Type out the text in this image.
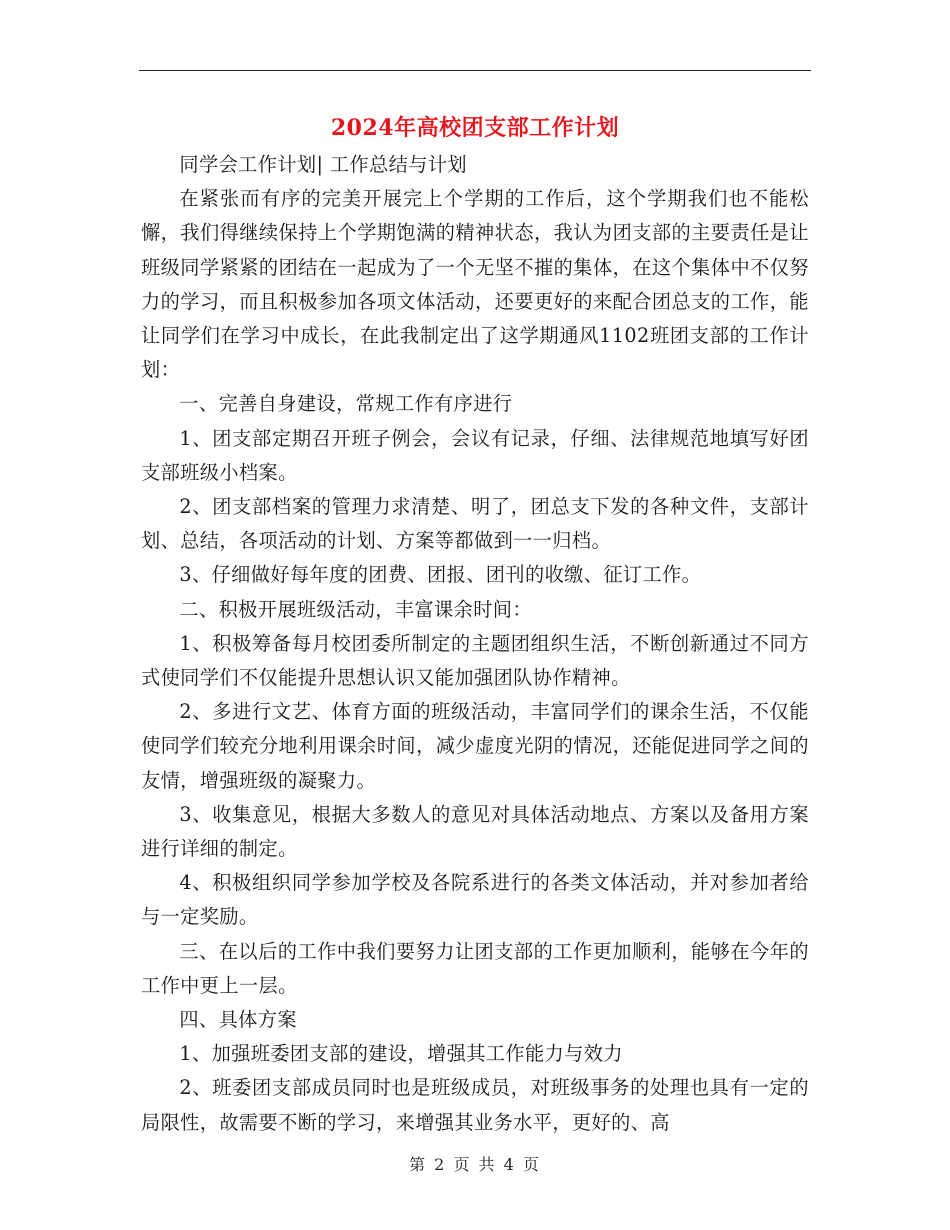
2024年高校团支部工作计划

同学会工作计划| 工作总结与计划

在紧张而有序的完美开展完上个学期的工作后，这个学期我们也不能松懈，我们得继续保持上个学期饱满的精神状态，我认为团支部的主要责任是让班级同学紧紧的团结在一起成为了一个无坚不摧的集体，在这个集体中不仅努力的学习，而且积极参加各项文体活动，还要更好的来配合团总支的工作，能让同学们在学习中成长，在此我制定出了这学期通风1102班团支部的工作计划：

一、完善自身建设，常规工作有序进行

1、团支部定期召开班子例会，会议有记录，仔细、法律规范地填写好团支部班级小档案。

2、团支部档案的管理力求清楚、明了，团总支下发的各种文件，支部计划、总结，各项活动的计划、方案等都做到一一归档。

3、仔细做好每年度的团费、团报、团刊的收缴、征订工作。

二、积极开展班级活动，丰富课余时间：

1、积极筹备每月校团委所制定的主题团组织生活，不断创新通过不同方式使同学们不仅能提升思想认识又能加强团队协作精神。

2、多进行文艺、体育方面的班级活动，丰富同学们的课余生活，不仅能使同学们较充分地利用课余时间，减少虚度光阴的情况，还能促进同学之间的友情，增强班级的凝聚力。

3、收集意见，根据大多数人的意见对具体活动地点、方案以及备用方案进行详细的制定。

4、积极组织同学参加学校及各院系进行的各类文体活动，并对参加者给与一定奖励。

三、在以后的工作中我们要努力让团支部的工作更加顺利，能够在今年的工作中更上一层。

四、具体方案

1、加强班委团支部的建设，增强其工作能力与效力

2、班委团支部成员同时也是班级成员，对班级事务的处理也具有一定的局限性，故需要不断的学习，来增强其业务水平，更好的、高

第 2 页 共 4 页
